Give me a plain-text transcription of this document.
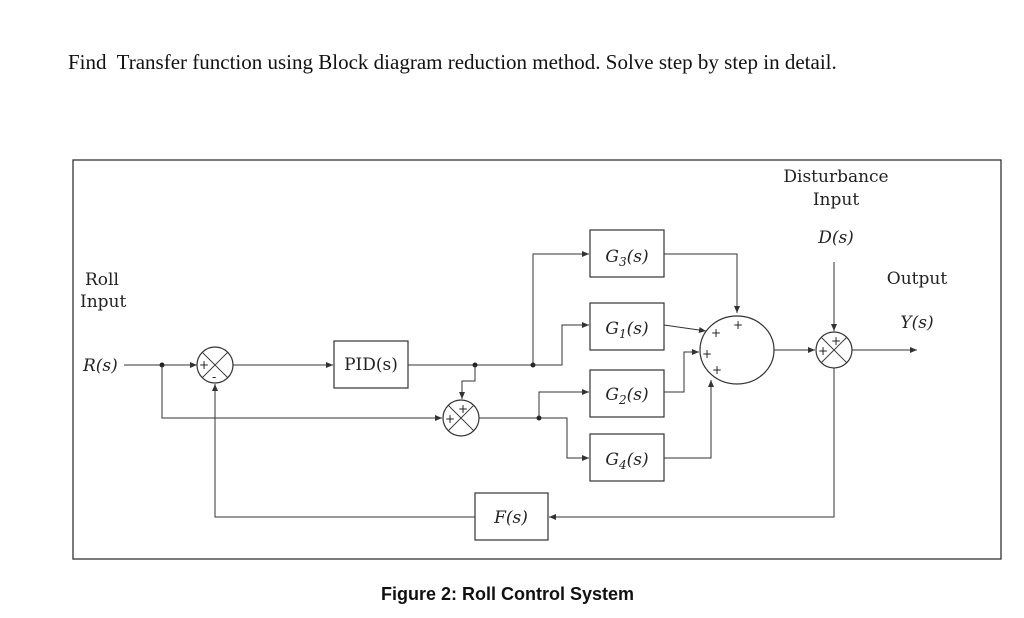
Find  Transfer function using Block diagram reduction method. Solve step by step in detail.
Roll
Input
R(s)
Disturbance
Input
D(s)
Output
Y(s)
+
-
PID(s)
+
+
$G_3(s)$
$G_1(s)$
$G_2(s)$
$G_4(s)$
+
+
+
+
+
+
F(s)
Figure 2: Roll Control System
